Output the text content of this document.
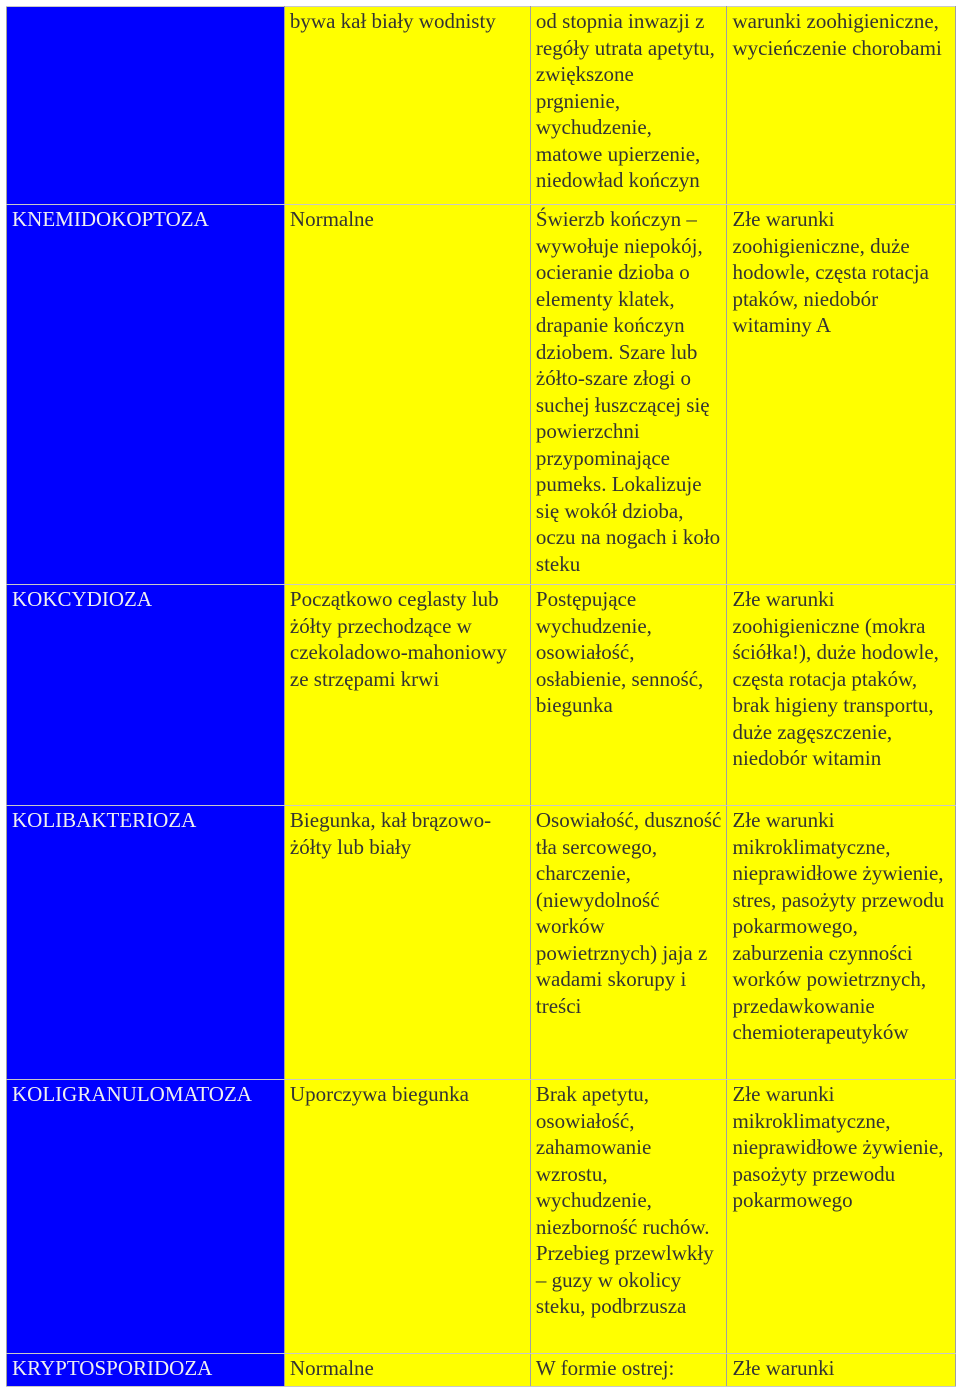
	bywa kał biały wodnisty	od stopnia inwazji z regóły utrata apetytu, zwiększone prgnienie, wychudzenie, matowe upierzenie, niedowład kończyn	warunki zoohigieniczne, wycieńczenie chorobami
KNEMIDOKOPTOZA	Normalne	Świerzb kończyn – wywołuje niepokój, ocieranie dzioba o elementy klatek, drapanie kończyn dziobem. Szare lub żółto-szare złogi o suchej łuszczącej się powierzchni przypominające pumeks. Lokalizuje się wokół dzioba, oczu na nogach i koło steku	Złe warunki zoohigieniczne, duże hodowle, częsta rotacja ptaków, niedobór witaminy A
KOKCYDIOZA	Początkowo ceglasty lub żółty przechodzące w czekoladowo-mahoniowy ze strzępami krwi	Postępujące wychudzenie, osowiałość, osłabienie, senność, biegunka	Złe warunki zoohigieniczne (mokra ściółka!), duże hodowle, częsta rotacja ptaków, brak higieny transportu, duże zagęszczenie, niedobór witamin
KOLIBAKTERIOZA	Biegunka, kał brązowo-żółty lub biały	Osowiałość, duszność tła sercowego, charczenie, (niewydolność worków powietrznych) jaja z wadami skorupy i treści	Złe warunki mikroklimatyczne, nieprawidłowe żywienie, stres, pasożyty przewodu pokarmowego, zaburzenia czynności worków powietrznych, przedawkowanie chemioterapeutyków
KOLIGRANULOMATOZA	Uporczywa biegunka	Brak apetytu, osowiałość, zahamowanie wzrostu, wychudzenie, niezborność ruchów. Przebieg przewlwkły – guzy w okolicy steku, podbrzusza	Złe warunki mikroklimatyczne, nieprawidłowe żywienie, pasożyty przewodu pokarmowego
KRYPTOSPORIDOZA	Normalne	W formie ostrej:	Złe warunki
